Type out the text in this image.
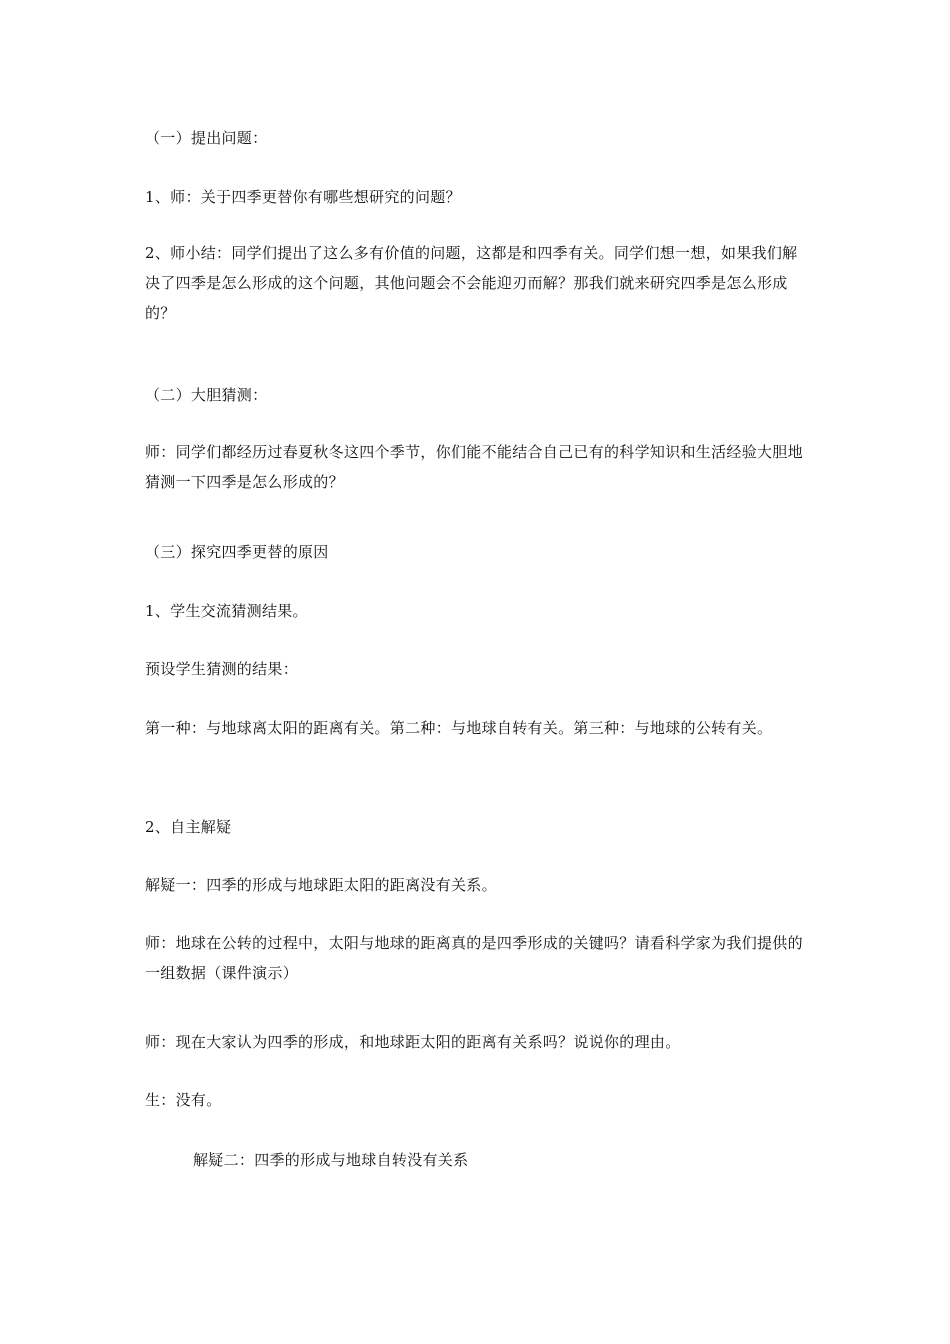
（一）提出问题：

1、师：关于四季更替你有哪些想研究的问题？

2、师小结：同学们提出了这么多有价值的问题，这都是和四季有关。同学们想一想，如果我们解决了四季是怎么形成的这个问题，其他问题会不会能迎刃而解？那我们就来研究四季是怎么形成的？

（二）大胆猜测：

师：同学们都经历过春夏秋冬这四个季节，你们能不能结合自己已有的科学知识和生活经验大胆地猜测一下四季是怎么形成的？

（三）探究四季更替的原因

1、学生交流猜测结果。

预设学生猜测的结果：

第一种：与地球离太阳的距离有关。第二种：与地球自转有关。第三种：与地球的公转有关。

2、自主解疑

解疑一：四季的形成与地球距太阳的距离没有关系。

师：地球在公转的过程中，太阳与地球的距离真的是四季形成的关键吗？请看科学家为我们提供的一组数据（课件演示）

师：现在大家认为四季的形成，和地球距太阳的距离有关系吗？说说你的理由。

生：没有。

解疑二：四季的形成与地球自转没有关系
